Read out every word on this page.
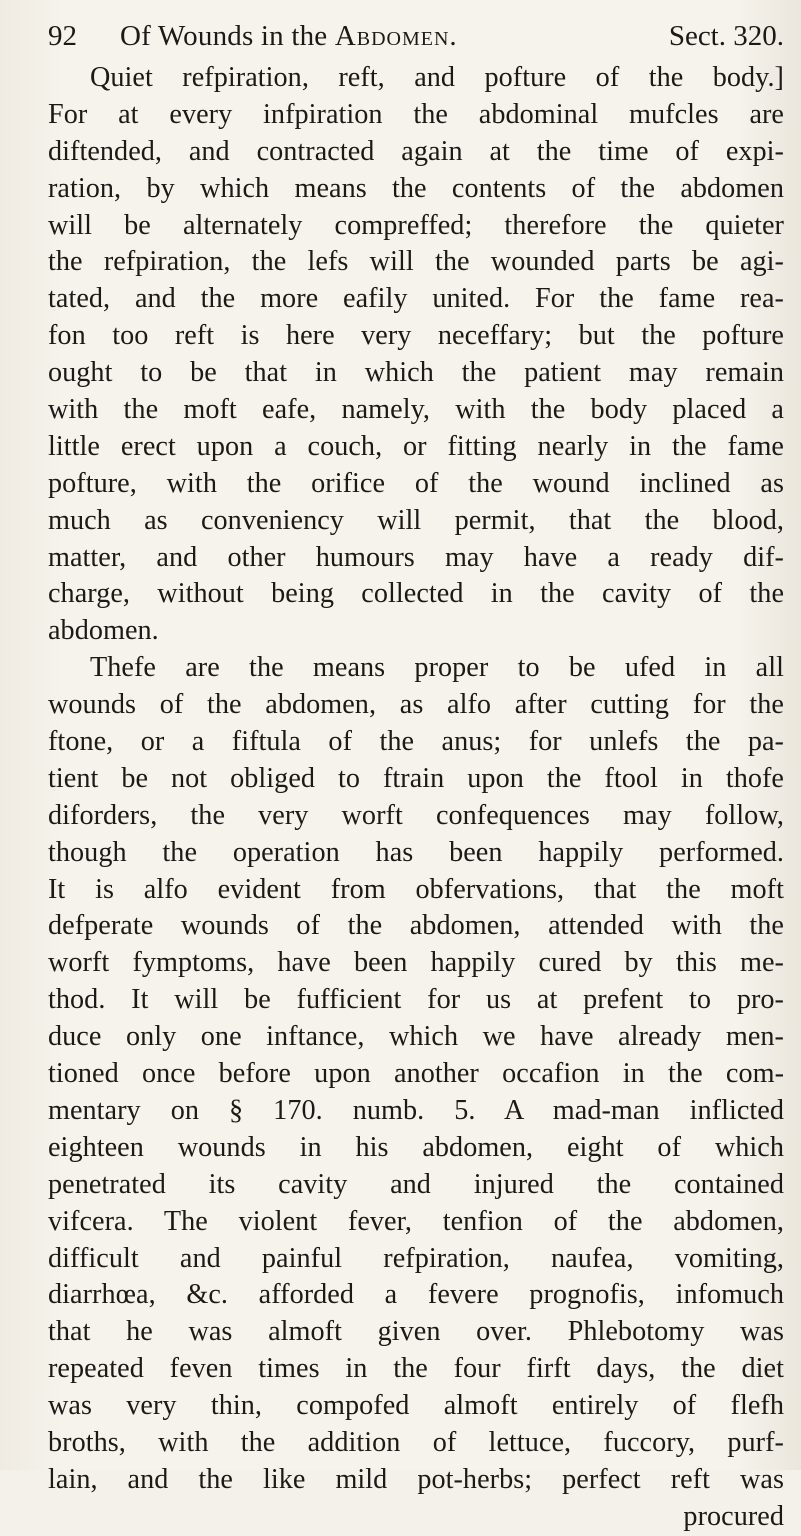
92 Of Wounds in the Abdomen.	Sect. 320.
Quiet refpiration, reft, and pofture of the body.]
For at every infpiration the abdominal mufcles are
diftended, and contracted again at the time of expi-
ration, by which means the contents of the abdomen
will be alternately compreffed; therefore the quieter
the refpiration, the lefs will the wounded parts be agi-
tated, and the more eafily united. For the fame rea-
fon too reft is here very neceffary; but the pofture
ought to be that in which the patient may remain
with the moft eafe, namely, with the body placed a
little erect upon a couch, or fitting nearly in the fame
pofture, with the orifice of the wound inclined as
much as conveniency will permit, that the blood,
matter, and other humours may have a ready dif-
charge, without being collected in the cavity of the
abdomen.
Thefe are the means proper to be ufed in all
wounds of the abdomen, as alfo after cutting for the
ftone, or a fiftula of the anus; for unlefs the pa-
tient be not obliged to ftrain upon the ftool in thofe
diforders, the very worft confequences may follow,
though the operation has been happily performed.
It is alfo evident from obfervations, that the moft
defperate wounds of the abdomen, attended with the
worft fymptoms, have been happily cured by this me-
thod. It will be fufficient for us at prefent to pro-
duce only one inftance, which we have already men-
tioned once before upon another occafion in the com-
mentary on § 170. numb. 5. A mad-man inflicted
eighteen wounds in his abdomen, eight of which
penetrated its cavity and injured the contained
vifcera. The violent fever, tenfion of the abdomen,
difficult and painful refpiration, naufea, vomiting,
diarrhœa, &c. afforded a fevere prognofis, infomuch
that he was almoft given over. Phlebotomy was
repeated feven times in the four firft days, the diet
was very thin, compofed almoft entirely of flefh
broths, with the addition of lettuce, fuccory, purf-
lain, and the like mild pot-herbs; perfect reft was
procured
